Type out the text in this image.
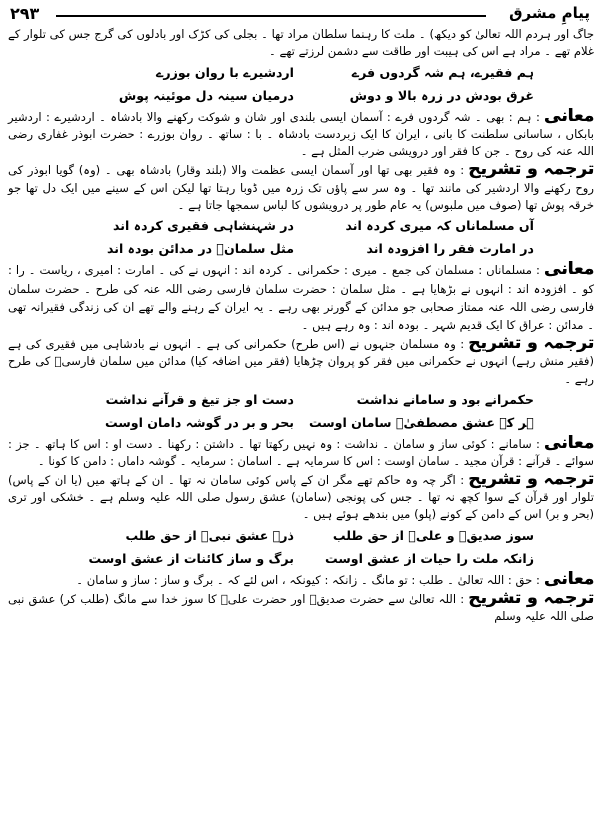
۲۹۳	پیامِ مشرق

جاگ اور ہردم اللہ تعالیٰ کو دیکھ) ۔ ملت کا رہنما سلطان مراد تھا ۔ بجلی کی کڑک اور بادلوں کی گرج جس کی تلوار کے غلام تھے ۔ مراد ہے اس کی ہیبت اور طاقت سے دشمن لرزتے تھے ۔

ہم فقیرے، ہم شہ گردوں فرے
اردشیرے با روان بوزرے
غرق بودش در زرہ بالا و دوش
درمیان سینہ دل موئینہ پوش

معانی: ہم : بھی ۔ شہ گردوں فرے : آسمان ایسی بلندی اور شان و شوکت رکھنے والا بادشاہ ۔ اردشیرے : اردشیر بابکاں ، ساسانی سلطنت کا بانی ، ایران کا ایک زبردست بادشاہ ۔ با : ساتھ ۔ روان بوزرے : حضرت ابوذر غفاری رضی اللہ عنہ کی روح ۔ جن کا فقر اور درویشی ضرب المثل ہے ۔

ترجمہ و تشریح: وہ فقیر بھی تھا اور آسمان ایسی عظمت والا (بلند وقار) بادشاہ بھی ۔ (وہ) گویا ابوذر کی روح رکھنے والا اردشیر کی مانند تھا ۔ وہ سر سے پاؤں تک زرہ میں ڈوبا رہتا تھا لیکن اس کے سینے میں ایک دل تھا جو خرقہ پوش تھا (صوف میں ملبوس) یہ عام طور پر درویشوں کا لباس سمجھا جاتا ہے ۔

آں مسلماناں کہ میری کردہ اند
در شہنشاہی فقیری کردہ اند
در امارت فقر را افزودہ اند
مثل سلمانؓ در مدائن بودہ اند

معانی: مسلماناں : مسلمان کی جمع ۔ میری : حکمرانی ۔ کردہ اند : انہوں نے کی ۔ امارت : امیری ، ریاست ۔ را : کو ۔ افزودہ اند : انہوں نے بڑھایا ہے ۔ مثل سلمان : حضرت سلمان فارسی رضی اللہ عنہ کی طرح ۔ حضرت سلمان فارسی رضی اللہ عنہ ممتاز صحابی جو مدائن کے گورنر بھی رہے ۔ یہ ایران کے رہنے والے تھے ان کی زندگی فقیرانہ تھی ۔ مدائن : عراق کا ایک قدیم شہر ۔ بودہ اند : وہ رہے ہیں ۔

ترجمہ و تشریح: وہ مسلمان جنہوں نے (اس طرح) حکمرانی کی ہے ۔ انہوں نے بادشاہی میں فقیری کی ہے (فقیر منش رہے) انہوں نے حکمرانی میں فقر کو پروان چڑھایا (فقر میں اضافہ کیا) مدائن میں سلمان فارسیؓ کی طرح رہے ۔

حکمرانے بود و سامانے نداشت
دست او جز تیغ و قرآنے نداشت
ہر کہ عشق مصطفیٰؐ سامان اوست
بحر و بر در گوشہ دامان اوست

معانی: سامانے : کوئی ساز و سامان ۔ نداشت : وہ نہیں رکھتا تھا ۔ داشتن : رکھنا ۔ دست او : اس کا ہاتھ ۔ جز : سوائے ۔ قرآنے : قرآن مجید ۔ سامان اوست : اس کا سرمایہ ہے ۔ اسامان : سرمایہ ۔ گوشہ داماں : دامن کا کونا ۔

ترجمہ و تشریح: اگر چہ وہ حاکم تھے مگر ان کے پاس کوئی سامان نہ تھا ۔ ان کے ہاتھ میں (یا ان کے پاس) تلوار اور قرآن کے سوا کچھ نہ تھا ۔ جس کی پونجی (سامان) عشق رسول صلی اللہ علیہ وسلم ہے ۔ خشکی اور تری (بحر و بر) اس کے دامن کے کونے (پلو) میں بندھے ہوئے ہیں ۔

سوز صدیقؓ و علیؓ از حق طلب
ذرہ عشق نبیؐ از حق طلب
زانکہ ملت را حیات از عشق اوست
برگ و ساز کائنات از عشق اوست

معانی: حق : اللہ تعالیٰ ۔ طلب : تو مانگ ۔ زانکہ : کیونکہ ، اس لئے کہ ۔ برگ و ساز : ساز و سامان ۔

ترجمہ و تشریح: اللہ تعالیٰ سے حضرت صدیقؓ اور حضرت علیؓ کا سوز خدا سے مانگ (طلب کر) عشق نبی صلی اللہ علیہ وسلم
